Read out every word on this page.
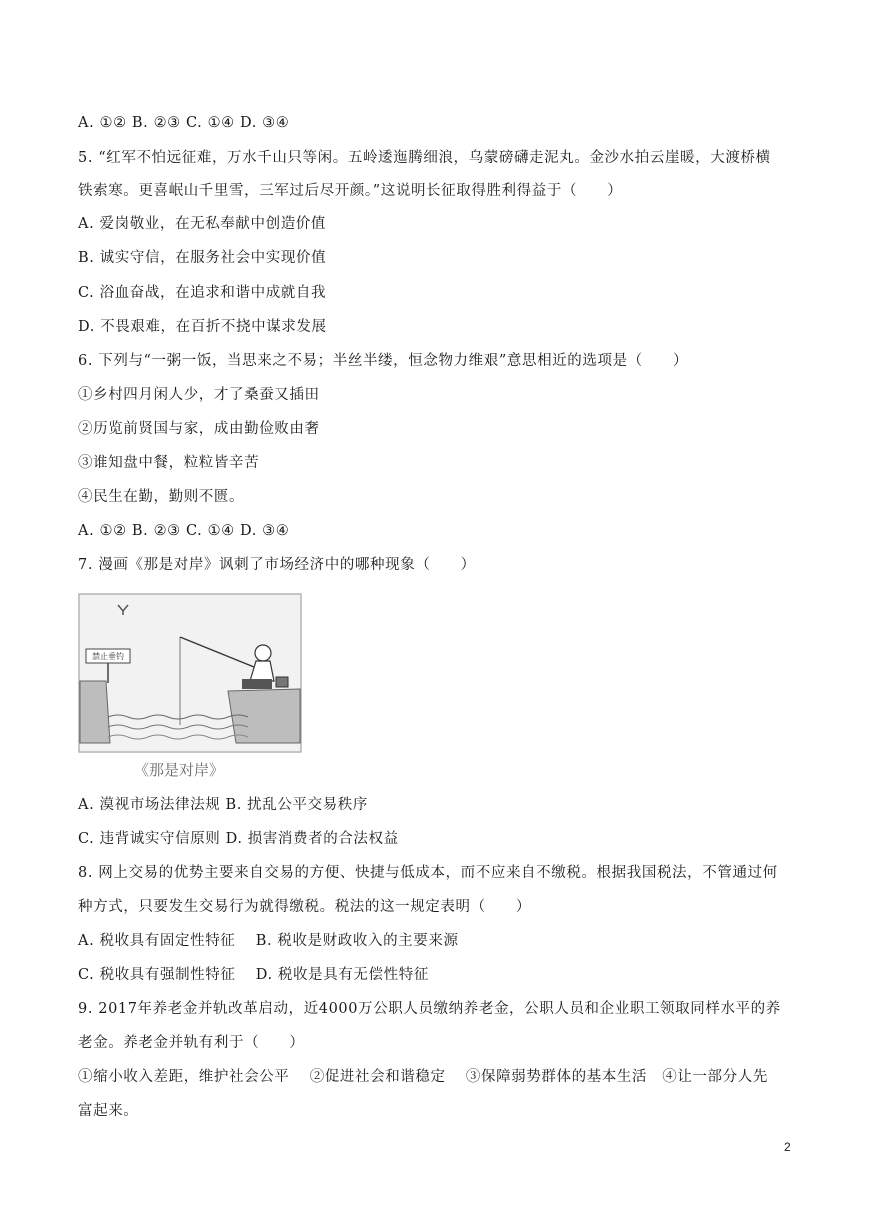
A. ①② B. ②③ C. ①④ D. ③④
5. “红军不怕远征难，万水千山只等闲。五岭逶迤腾细浪，乌蒙磅礴走泥丸。金沙水拍云崖暖，大渡桥横
铁索寒。更喜岷山千里雪，三军过后尽开颜。”这说明长征取得胜利得益于（　　）
A. 爱岗敬业，在无私奉献中创造价值
B. 诚实守信，在服务社会中实现价值
C. 浴血奋战，在追求和谐中成就自我
D. 不畏艰难，在百折不挠中谋求发展
6. 下列与“一粥一饭，当思来之不易；半丝半缕，恒念物力维艰”意思相近的选项是（　　）
①乡村四月闲人少，才了桑蚕又插田
②历览前贤国与家，成由勤俭败由奢
③谁知盘中餐，粒粒皆辛苦
④民生在勤，勤则不匮。
A. ①② B. ②③ C. ①④ D. ③④
7. 漫画《那是对岸》讽刺了市场经济中的哪种现象（　　）
禁止垂钓
《那是对岸》
A. 漠视市场法律法规 B. 扰乱公平交易秩序
C. 违背诚实守信原则 D. 损害消费者的合法权益
8. 网上交易的优势主要来自交易的方便、快捷与低成本，而不应来自不缴税。根据我国税法，不管通过何
种方式，只要发生交易行为就得缴税。税法的这一规定表明（　　）
A. 税收具有固定性特征　 B. 税收是财政收入的主要来源
C. 税收具有强制性特征　 D. 税收是具有无偿性特征
9. 2017年养老金并轨改革启动，近4000万公职人员缴纳养老金，公职人员和企业职工领取同样水平的养
老金。养老金并轨有利于（　　）
①缩小收入差距，维护社会公平　 ②促进社会和谐稳定　 ③保障弱势群体的基本生活　④让一部分人先
富起来。
2
